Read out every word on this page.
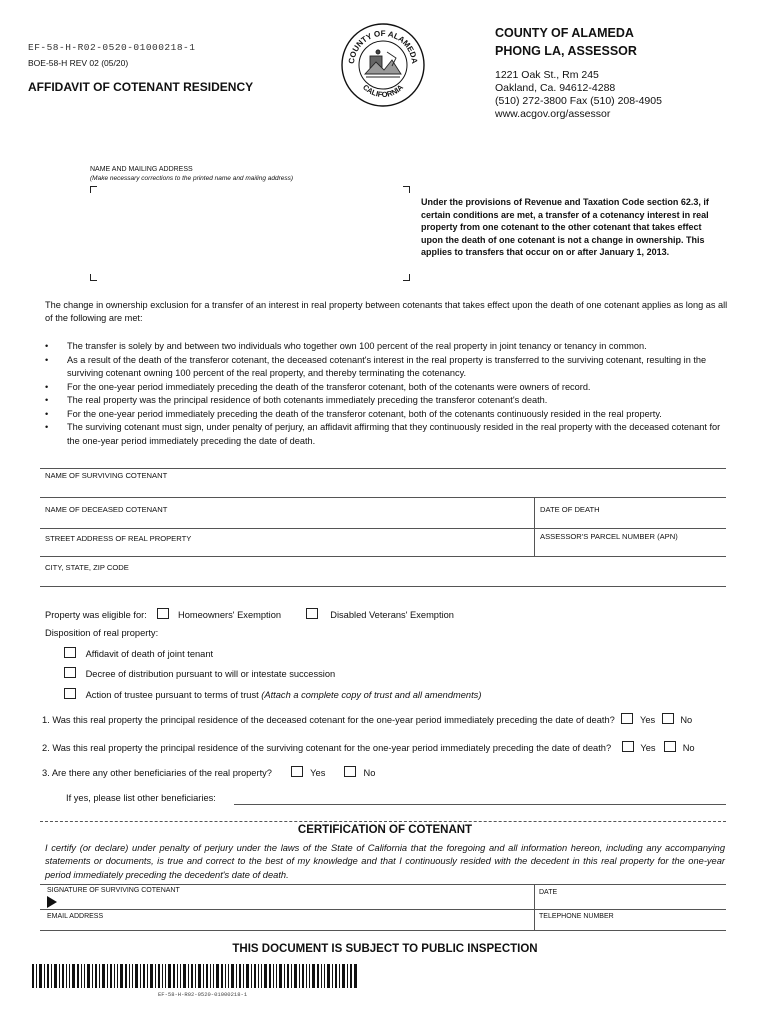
EF-58-H-R02-0520-01000218-1
BOE-58-H REV 02 (05/20)
AFFIDAVIT OF COTENANT RESIDENCY
COUNTY OF ALAMEDA
CALIFORNIA
COUNTY OF ALAMEDA
PHONG LA, ASSESSOR
1221 Oak St., Rm 245
Oakland, Ca. 94612-4288
(510) 272-3800 Fax (510) 208-4905
www.acgov.org/assessor
NAME AND MAILING ADDRESS
(Make necessary corrections to the printed name and mailing address)
Under the provisions of Revenue and Taxation Code section 62.3, if certain conditions are met, a transfer of a cotenancy interest in real property from one cotenant to the other cotenant that takes effect upon the death of one cotenant is not a change in ownership. This applies to transfers that occur on or after January 1, 2013.
The change in ownership exclusion for a transfer of an interest in real property between cotenants that takes effect upon the death of one cotenant applies as long as all of the following are met:
• The transfer is solely by and between two individuals who together own 100 percent of the real property in joint tenancy or tenancy in common.
• As a result of the death of the transferor cotenant, the deceased cotenant's interest in the real property is transferred to the surviving cotenant, resulting in the surviving cotenant owning 100 percent of the real property, and thereby terminating the cotenancy.
• For the one-year period immediately preceding the death of the transferor cotenant, both of the cotenants were owners of record.
• The real property was the principal residence of both cotenants immediately preceding the transferor cotenant's death.
• For the one-year period immediately preceding the death of the transferor cotenant, both of the cotenants continuously resided in the real property.
• The surviving cotenant must sign, under penalty of perjury, an affidavit affirming that they continuously resided in the real property with the deceased cotenant for the one-year period immediately preceding the date of death.
NAME OF SURVIVING COTENANT
NAME OF DECEASED COTENANT	DATE OF DEATH
STREET ADDRESS OF REAL PROPERTY	ASSESSOR'S PARCEL NUMBER (APN)
CITY, STATE, ZIP CODE
Property was eligible for:	Homeowners' Exemption	Disabled Veterans' Exemption
Disposition of real property:
Affidavit of death of joint tenant
Decree of distribution pursuant to will or intestate succession
Action of trustee pursuant to terms of trust (Attach a complete copy of trust and all amendments)
1. Was this real property the principal residence of the deceased cotenant for the one-year period immediately preceding the date of death?	Yes	No
2. Was this real property the principal residence of the surviving cotenant for the one-year period immediately preceding the date of death?	Yes	No
3. Are there any other beneficiaries of the real property?	Yes	No
If yes, please list other beneficiaries:
CERTIFICATION OF COTENANT
I certify (or declare) under penalty of perjury under the laws of the State of California that the foregoing and all information hereon, including any accompanying statements or documents, is true and correct to the best of my knowledge and that I continuously resided with the decedent in this real property for the one-year period immediately preceding the decedent's date of death.
SIGNATURE OF SURVIVING COTENANT	DATE
EMAIL ADDRESS	TELEPHONE NUMBER
THIS DOCUMENT IS SUBJECT TO PUBLIC INSPECTION
EF-58-H-R02-0520-01000218-1
